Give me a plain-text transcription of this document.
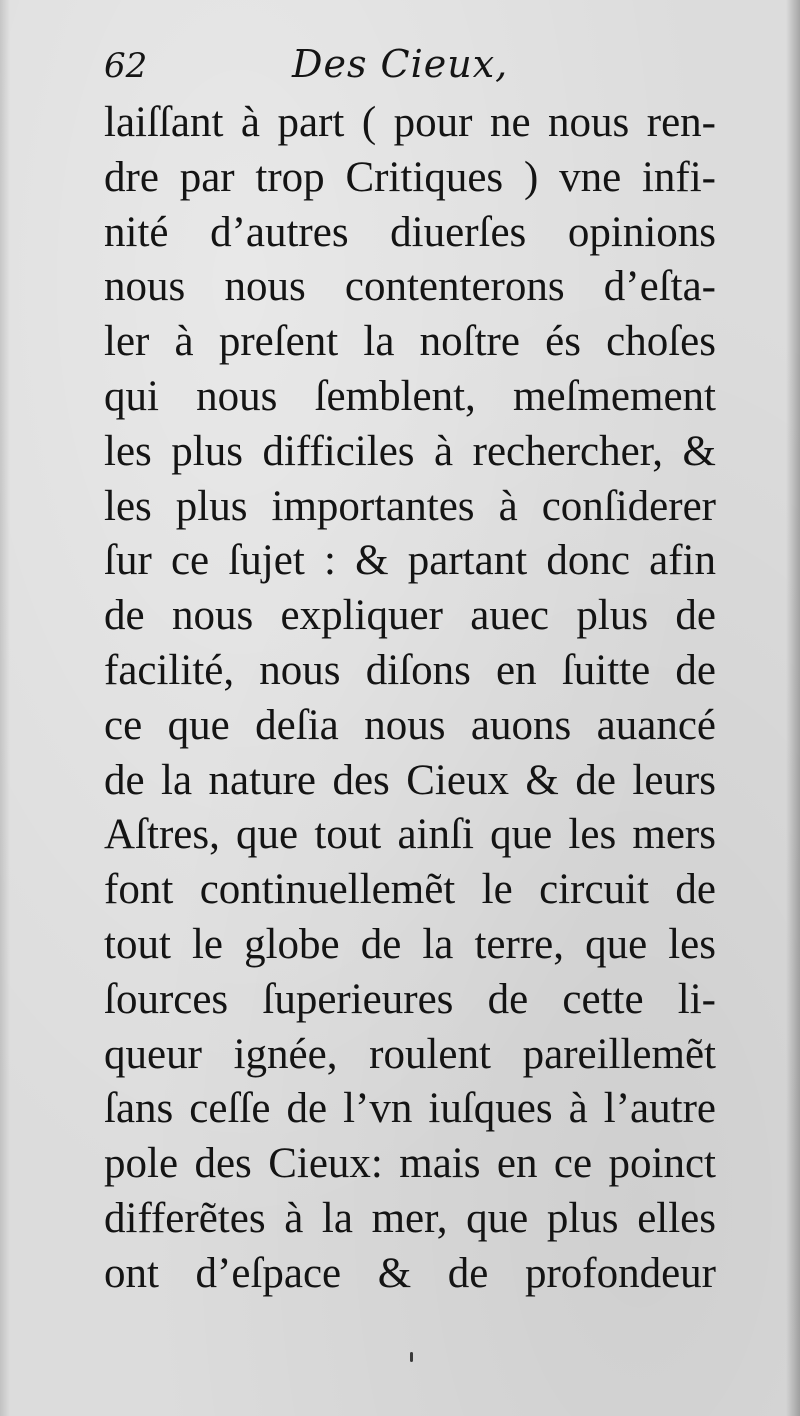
62	Des Cieux,
laiſſant à part ( pour ne nous ren-
dre par trop Critiques ) vne infi-
nité d’autres diuerſes opinions
nous nous contenterons d’eſta-
ler à preſent la noſtre és choſes
qui nous ſemblent, meſmement
les plus difficiles à rechercher, &
les plus importantes à conſiderer
ſur ce ſujet : & partant donc afin
de nous expliquer auec plus de
facilité, nous diſons en ſuitte de
ce que deſia nous auons auancé
de la nature des Cieux & de leurs
Aſtres, que tout ainſi que les mers
font continuellemẽt le circuit de
tout le globe de la terre, que les
ſources ſuperieures de cette li-
queur ignée, roulent pareillemẽt
ſans ceſſe de l’vn iuſques à l’autre
pole des Cieux: mais en ce poinct
differẽtes à la mer, que plus elles
ont d’eſpace & de profondeur
